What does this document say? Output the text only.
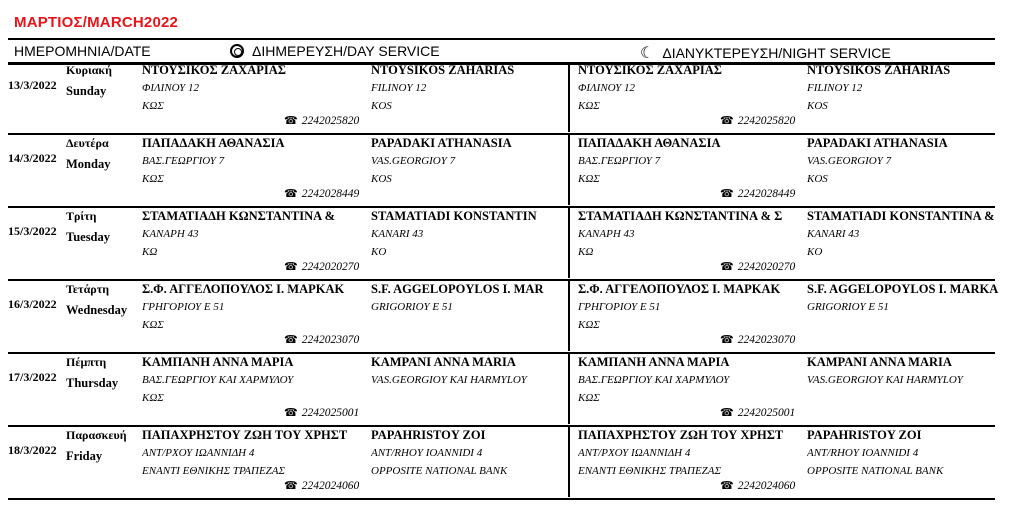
ΜΑΡΤΙΟΣ/MARCH2022
ΗΜΕΡΟΜΗΝΙΑ/DATE	ΔΙΗΜΕΡΕΥΣΗ/DAY SERVICE	☾ ΔΙΑΝΥΚΤΕΡΕΥΣΗ/NIGHT SERVICE
13/3/2022
Κυριακή
Sunday
ΝΤΟΥΣΙΚΟΣ ΖΑΧΑΡΙΑΣ
ΦΙΛΙΝΟΥ 12
ΚΩΣ
NTOYSIKOS ZAHARIAS
FILINOY 12
KOS
☎ 2242025820
ΝΤΟΥΣΙΚΟΣ ΖΑΧΑΡΙΑΣ
ΦΙΛΙΝΟΥ 12
ΚΩΣ
NTOYSIKOS ZAHARIAS
FILINOY 12
KOS
☎ 2242025820
14/3/2022
Δευτέρα
Monday
ΠΑΠΑΔΑΚΗ ΑΘΑΝΑΣΙΑ
ΒΑΣ.ΓΕΩΡΓΙΟΥ 7
ΚΩΣ
PAPADAKI ATHANASIA
VAS.GEORGIOY 7
KOS
☎ 2242028449
ΠΑΠΑΔΑΚΗ ΑΘΑΝΑΣΙΑ
ΒΑΣ.ΓΕΩΡΓΙΟΥ 7
ΚΩΣ
PAPADAKI ATHANASIA
VAS.GEORGIOY 7
KOS
☎ 2242028449
15/3/2022
Τρίτη
Tuesday
ΣΤΑΜΑΤΙΑΔΗ ΚΩΝΣΤΑΝΤΙΝΑ &
ΚΑΝΑΡΗ 43
ΚΩ
STAMATIADI KONSTANTIN
KANARI 43
KO
☎ 2242020270
ΣΤΑΜΑΤΙΑΔΗ ΚΩΝΣΤΑΝΤΙΝΑ & Σ
ΚΑΝΑΡΗ 43
ΚΩ
STAMATIADI KONSTANTINA &
KANARI 43
KO
☎ 2242020270
16/3/2022
Τετάρτη
Wednesday
Σ.Φ. ΑΓΓΕΛΟΠΟΥΛΟΣ Ι. ΜΑΡΚΑΚ
ΓΡΗΓΟΡΙΟΥ Ε 51
ΚΩΣ
S.F. AGGELOPOYLOS I. MAR
GRIGORIOY E 51
☎ 2242023070
Σ.Φ. ΑΓΓΕΛΟΠΟΥΛΟΣ Ι. ΜΑΡΚΑΚ
ΓΡΗΓΟΡΙΟΥ Ε 51
ΚΩΣ
S.F. AGGELOPOYLOS I. MARKA
GRIGORIOY E 51
☎ 2242023070
17/3/2022
Πέμπτη
Thursday
ΚΑΜΠΑΝΗ ΑΝΝΑ ΜΑΡΙΑ
ΒΑΣ.ΓΕΩΡΓΙΟΥ ΚΑΙ ΧΑΡΜΥΛΟΥ
ΚΩΣ
KAMPANI ANNA MARIA
VAS.GEORGIOY KAI HARMYLOY
☎ 2242025001
ΚΑΜΠΑΝΗ ΑΝΝΑ ΜΑΡΙΑ
ΒΑΣ.ΓΕΩΡΓΙΟΥ ΚΑΙ ΧΑΡΜΥΛΟΥ
ΚΩΣ
KAMPANI ANNA MARIA
VAS.GEORGIOY KAI HARMYLOY
☎ 2242025001
18/3/2022
Παρασκευή
Friday
ΠΑΠΑΧΡΗΣΤΟΥ ΖΩΗ ΤΟΥ ΧΡΗΣΤ
ΑΝΤ/ΡΧΟΥ ΙΩΑΝΝΙΔΗ 4
ΕΝΑΝΤΙ ΕΘΝΙΚΗΣ ΤΡΑΠΕΖΑΣ
PAPAHRISTOY ZOI
ANT/RHOY IOANNIDI 4
OPPOSITE NATIONAL BANK
☎ 2242024060
ΠΑΠΑΧΡΗΣΤΟΥ ΖΩΗ ΤΟΥ ΧΡΗΣΤ
ΑΝΤ/ΡΧΟΥ ΙΩΑΝΝΙΔΗ 4
ΕΝΑΝΤΙ ΕΘΝΙΚΗΣ ΤΡΑΠΕΖΑΣ
PAPAHRISTOY ZOI
ANT/RHOY IOANNIDI 4
OPPOSITE NATIONAL BANK
☎ 2242024060
